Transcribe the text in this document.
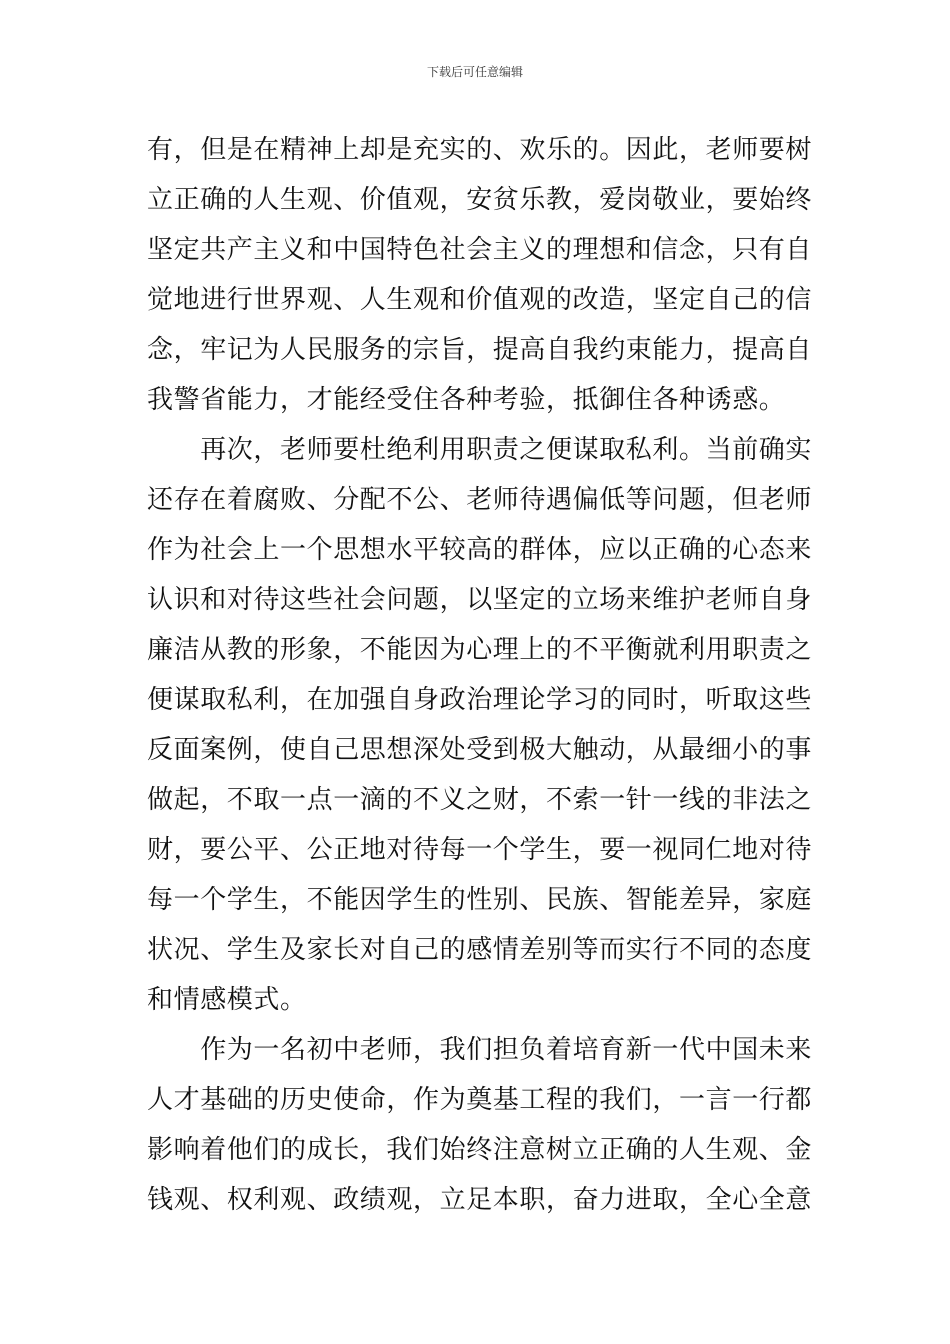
下载后可任意编辑
有，但是在精神上却是充实的、欢乐的。因此，老师要树
立正确的人生观、价值观，安贫乐教，爱岗敬业，要始终
坚定共产主义和中国特色社会主义的理想和信念，只有自
觉地进行世界观、人生观和价值观的改造，坚定自己的信
念，牢记为人民服务的宗旨，提高自我约束能力，提高自
我警省能力，才能经受住各种考验，抵御住各种诱惑。
　　再次，老师要杜绝利用职责之便谋取私利。当前确实
还存在着腐败、分配不公、老师待遇偏低等问题，但老师
作为社会上一个思想水平较高的群体，应以正确的心态来
认识和对待这些社会问题，以坚定的立场来维护老师自身
廉洁从教的形象，不能因为心理上的不平衡就利用职责之
便谋取私利，在加强自身政治理论学习的同时，听取这些
反面案例，使自己思想深处受到极大触动，从最细小的事
做起，不取一点一滴的不义之财，不索一针一线的非法之
财，要公平、公正地对待每一个学生，要一视同仁地对待
每一个学生，不能因学生的性别、民族、智能差异，家庭
状况、学生及家长对自己的感情差别等而实行不同的态度
和情感模式。
　　作为一名初中老师，我们担负着培育新一代中国未来
人才基础的历史使命，作为奠基工程的我们，一言一行都
影响着他们的成长，我们始终注意树立正确的人生观、金
钱观、权利观、政绩观，立足本职，奋力进取，全心全意
